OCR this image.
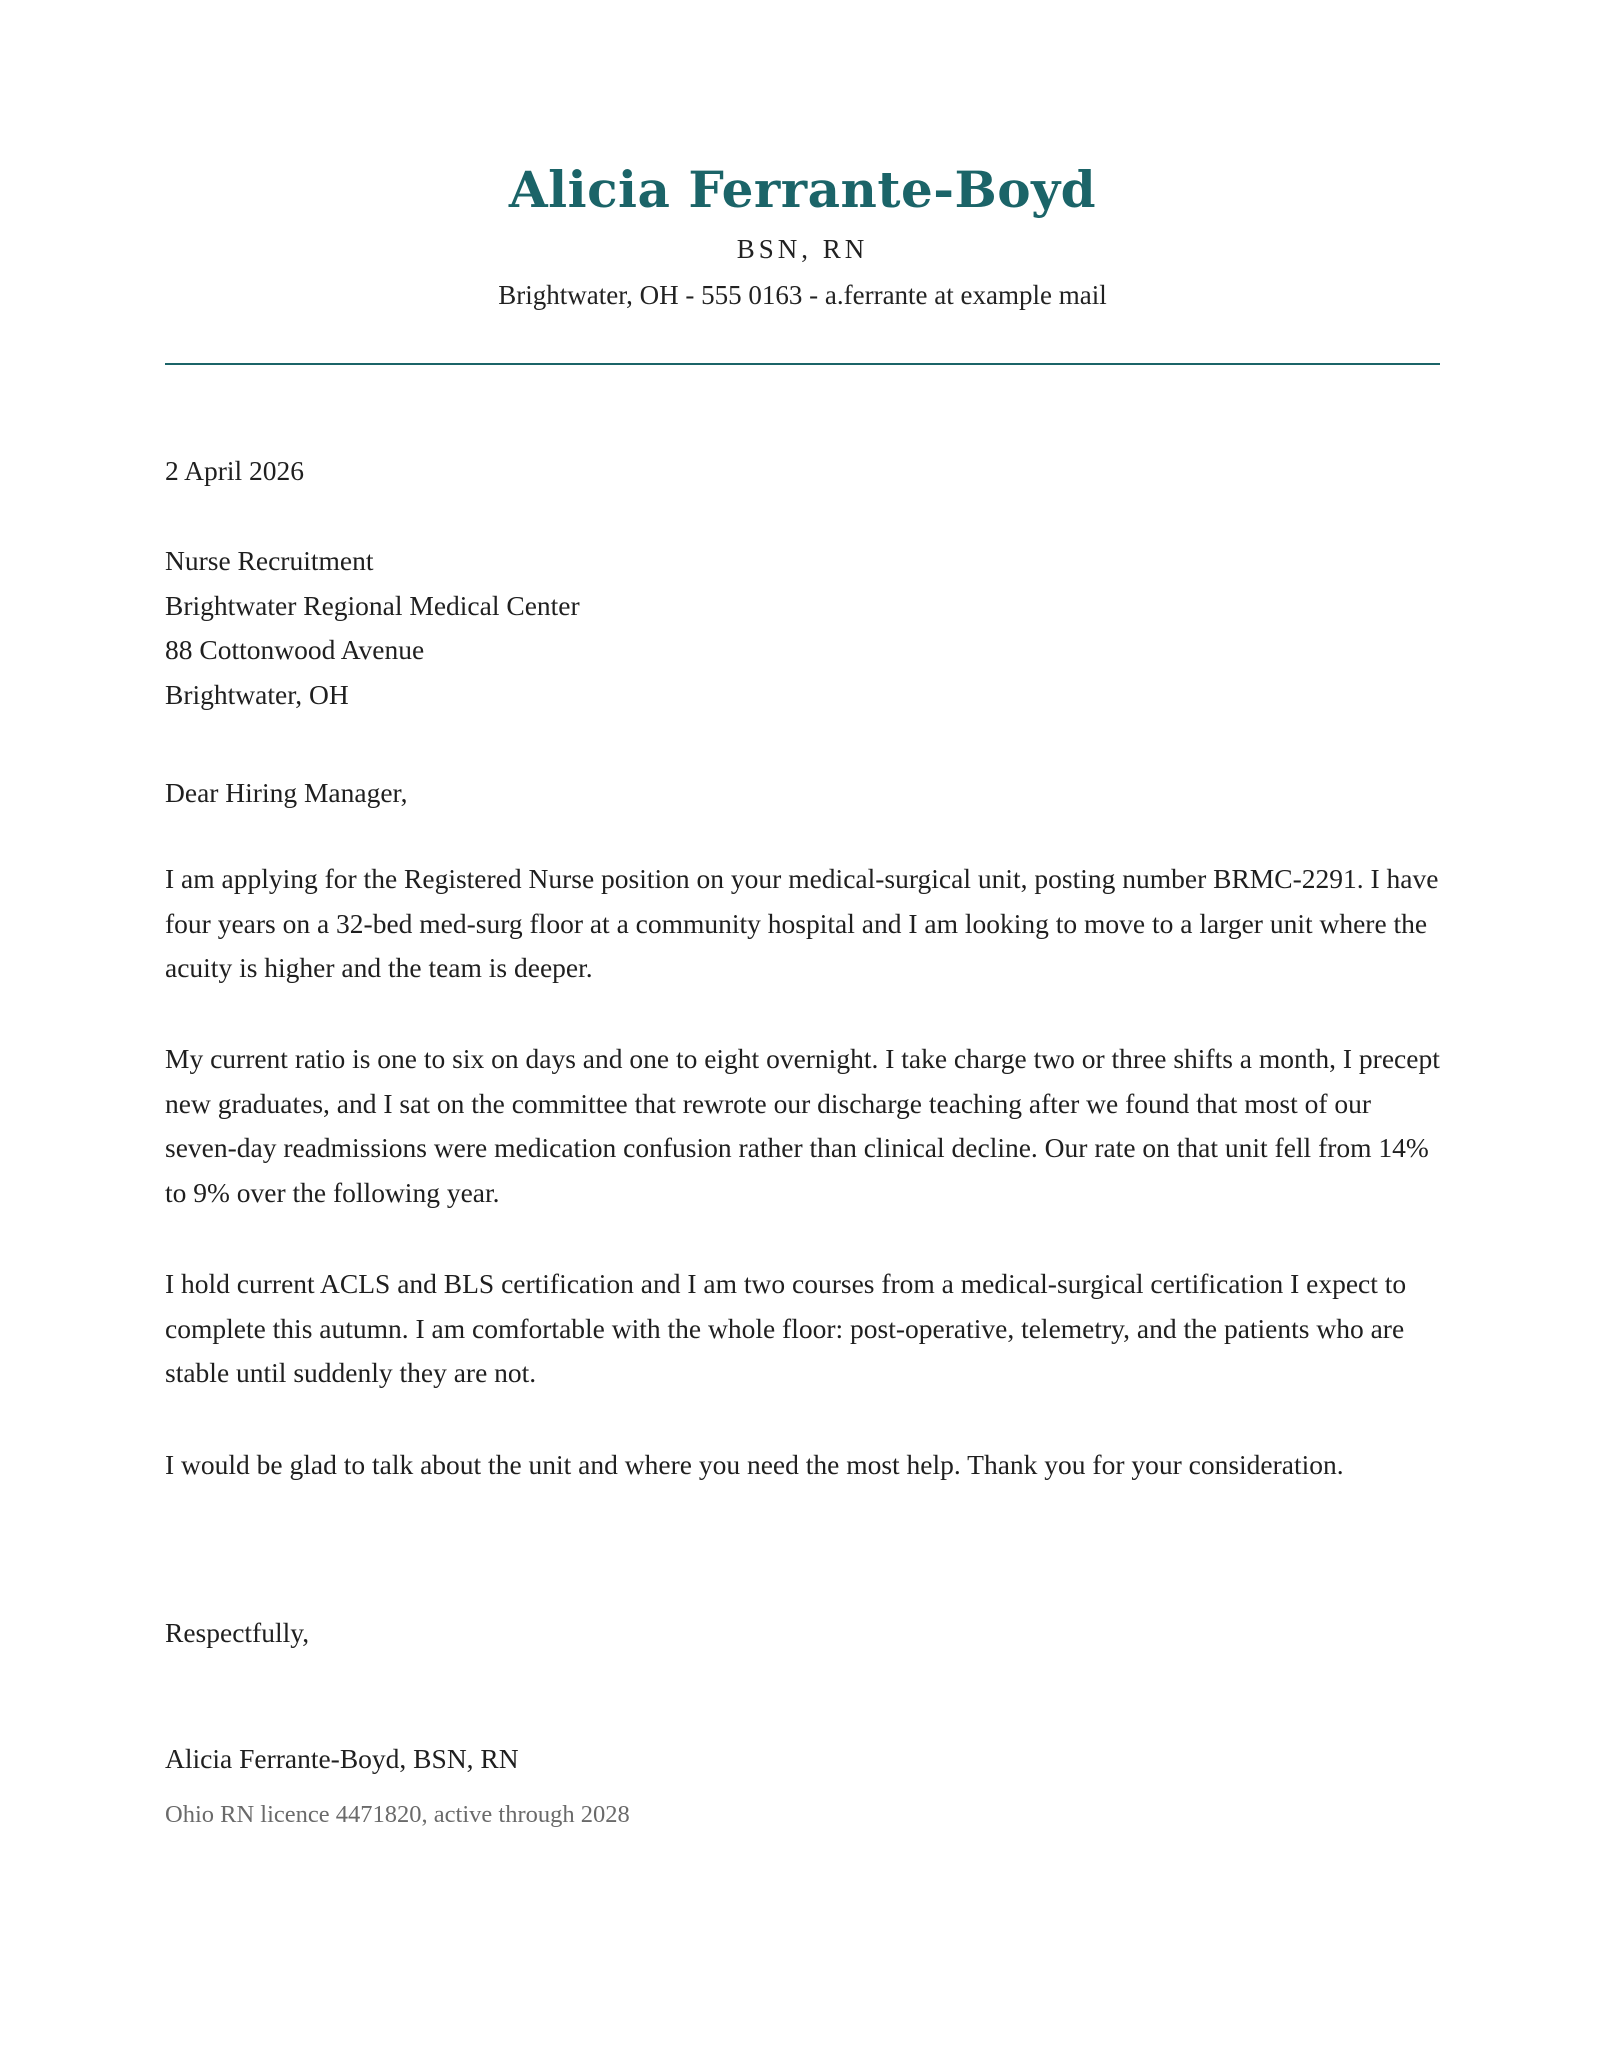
Alicia Ferrante-Boyd
BSN, RN
Brightwater, OH - 555 0163 - a.ferrante at example mail
2 April 2026
Nurse Recruitment
Brightwater Regional Medical Center
88 Cottonwood Avenue
Brightwater, OH
Dear Hiring Manager,

I am applying for the Registered Nurse position on your medical-surgical unit, posting number BRMC-2291. I have four years on a 32-bed med-surg floor at a community hospital and I am looking to move to a larger unit where the acuity is higher and the team is deeper.

My current ratio is one to six on days and one to eight overnight. I take charge two or three shifts a month, I precept new graduates, and I sat on the committee that rewrote our discharge teaching after we found that most of our seven-day readmissions were medication confusion rather than clinical decline. Our rate on that unit fell from 14% to 9% over the following year.

I hold current ACLS and BLS certification and I am two courses from a medical-surgical certification I expect to complete this autumn. I am comfortable with the whole floor: post-operative, telemetry, and the patients who are stable until suddenly they are not.

I would be glad to talk about the unit and where you need the most help. Thank you for your consideration.

Respectfully,
Alicia Ferrante-Boyd, BSN, RN
Ohio RN licence 4471820, active through 2028
